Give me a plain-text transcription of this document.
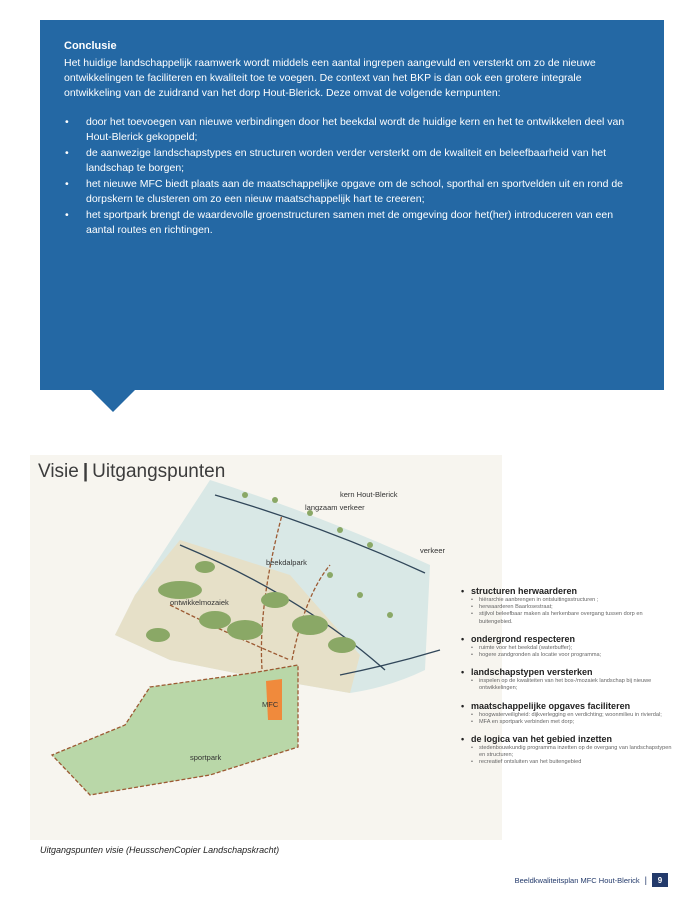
Conclusie

Het huidige landschappelijk raamwerk wordt middels een aantal ingrepen aangevuld en versterkt om zo de nieuwe ontwikkelingen te faciliteren en kwaliteit toe te voegen. De context van het BKP is dan ook een grotere integrale ontwikkeling van de zuidrand van het dorp Hout-Blerick. Deze omvat de volgende kernpunten:

• door het toevoegen van nieuwe verbindingen door het beekdal wordt de huidige kern en het te ontwikkelen deel van Hout-Blerick gekoppeld;
• de aanwezige landschapstypes en structuren worden verder versterkt om de kwaliteit en beleefbaarheid van het landschap te borgen;
• het nieuwe MFC biedt plaats aan de maatschappelijke opgave om de school, sporthal en sportvelden uit en rond de dorpskern te clusteren om zo een nieuw maatschappelijk hart te creeren;
• het sportpark brengt de waardevolle groenstructuren samen met de omgeving door het(her) introduceren van een aantal routes en richtingen.
langzaam verkeer
kern Hout-Blerick
verkeer
beekdalpark
ontwikkelmozaiek
MFC
sportpark
Visie | Uitgangspunten
• structuren herwaarderen
• hiërarchie aanbrengen in ontsluitingsstructuren ;
• herwaarderen Baarlosestraat;
• stijlvol beleefbaar maken als herkenbare overgang tussen dorp en buitengebied.
• ondergrond respecteren
• ruimte voor het beekdal (waterbuffer);
• hogere zandgronden als locatie voor programma;
• landschapstypen versterken
• inspelen op de kwaliteiten van het bos-/mozaiek landschap bij nieuwe ontwikkelingen;
• maatschappelijke opgaves faciliteren
• hoogwaterveiligheid: dijkverlegging en verdichting; woonmilieu in rivierdal;
• MFA en sportpark verbinden met dorp;
• de logica van het gebied inzetten
• stedenbouwkundig programma inzetten op de overgang van landschapstypen en structuren;
• recreatief ontsluiten van het buitengebied
Uitgangspunten visie (HeusschenCopier Landschapskracht)
Beeldkwaliteitsplan MFC Hout-Blerick |	9
